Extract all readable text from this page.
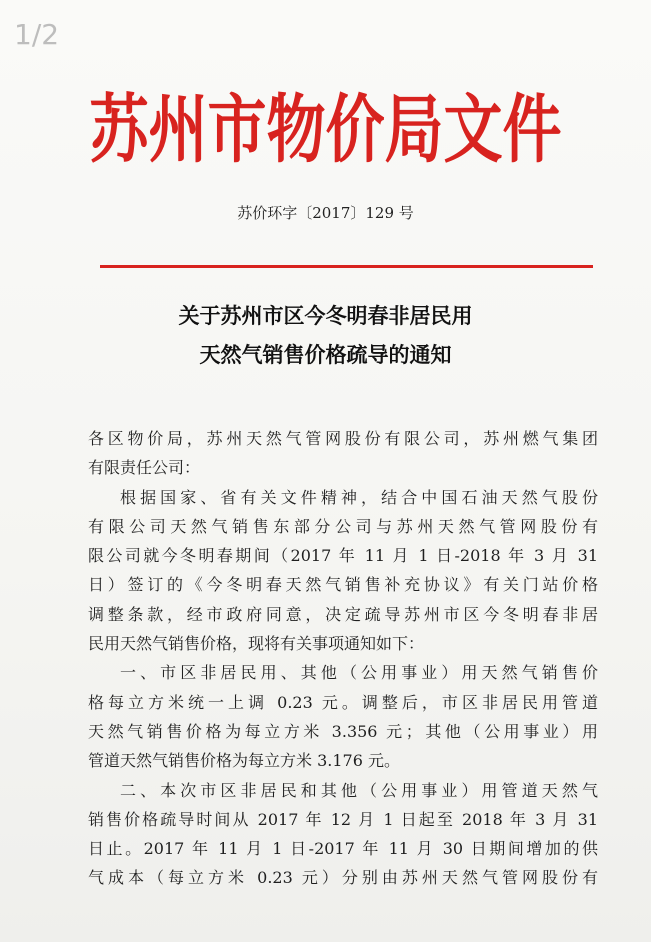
1/2
苏州市物价局文件
苏价环字〔2017〕129 号
关于苏州市区今冬明春非居民用
天然气销售价格疏导的通知
各区物价局，苏州天然气管网股份有限公司，苏州燃气集团
有限责任公司：
根据国家、省有关文件精神，结合中国石油天然气股份
有限公司天然气销售东部分公司与苏州天然气管网股份有
限公司就今冬明春期间（2017 年 11 月 1 日-2018 年 3 月 31
日）签订的《今冬明春天然气销售补充协议》有关门站价格
调整条款，经市政府同意，决定疏导苏州市区今冬明春非居
民用天然气销售价格，现将有关事项通知如下：
一、市区非居民用、其他（公用事业）用天然气销售价
格每立方米统一上调 0.23 元。调整后，市区非居民用管道
天然气销售价格为每立方米 3.356 元；其他（公用事业）用
管道天然气销售价格为每立方米 3.176 元。
二、本次市区非居民和其他（公用事业）用管道天然气
销售价格疏导时间从 2017 年 12 月 1 日起至 2018 年 3 月 31
日止。2017 年 11 月 1 日-2017 年 11 月 30 日期间增加的供
气成本（每立方米 0.23 元）分别由苏州天然气管网股份有
